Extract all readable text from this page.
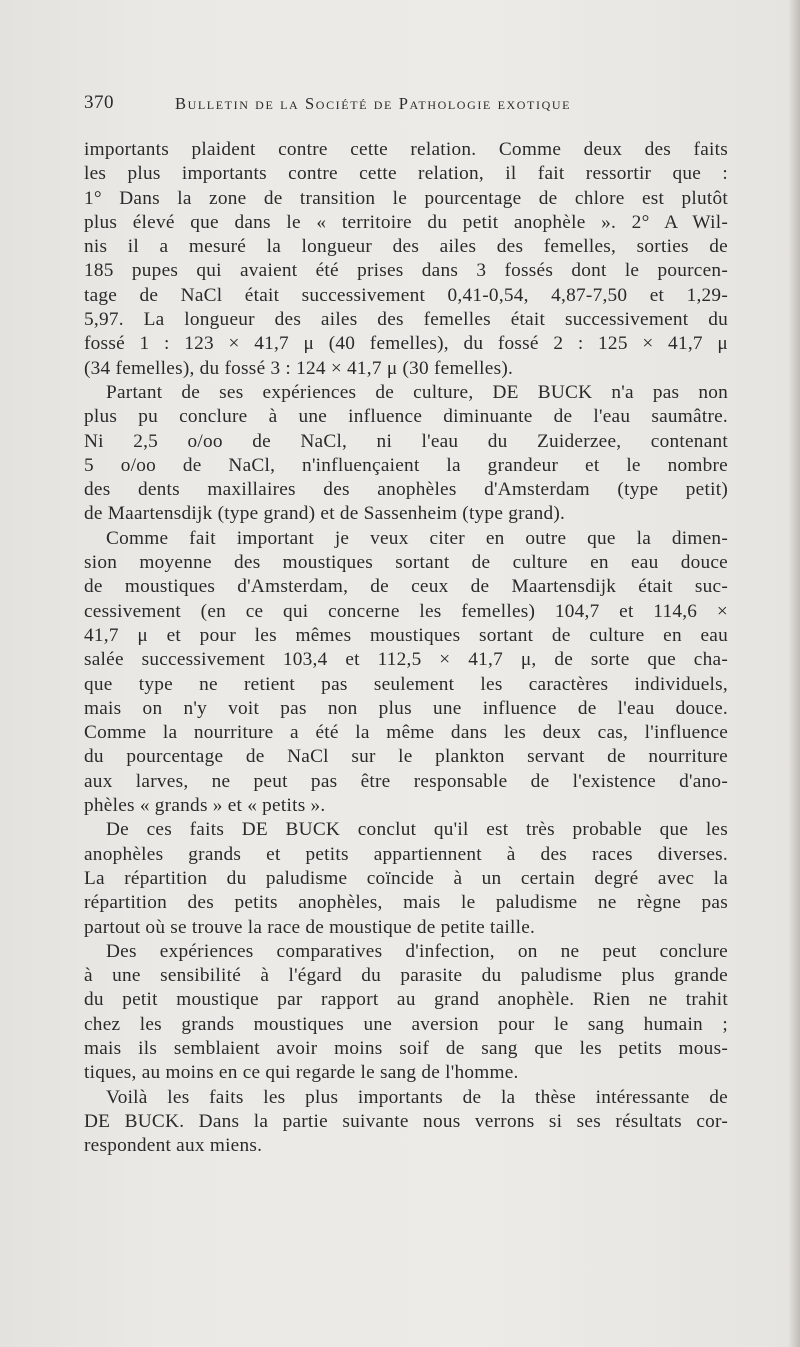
370	Bulletin de la Société de Pathologie exotique
importants plaident contre cette relation. Comme deux des faits
les plus importants contre cette relation, il fait ressortir que :
1° Dans la zone de transition le pourcentage de chlore est plutôt
plus élevé que dans le « territoire du petit anophèle ». 2° A Wil-
nis il a mesuré la longueur des ailes des femelles, sorties de
185 pupes qui avaient été prises dans 3 fossés dont le pourcen-
tage de NaCl était successivement 0,41-0,54, 4,87-7,50 et 1,29-
5,97. La longueur des ailes des femelles était successivement du
fossé 1 : 123 × 41,7 μ (40 femelles), du fossé 2 : 125 × 41,7 μ
(34 femelles), du fossé 3 : 124 × 41,7 μ (30 femelles).
Partant de ses expériences de culture, DE BUCK n'a pas non
plus pu conclure à une influence diminuante de l'eau saumâtre.
Ni 2,5 o/oo de NaCl, ni l'eau du Zuiderzee, contenant
5 o/oo de NaCl, n'influençaient la grandeur et le nombre
des dents maxillaires des anophèles d'Amsterdam (type petit)
de Maartensdijk (type grand) et de Sassenheim (type grand).
Comme fait important je veux citer en outre que la dimen-
sion moyenne des moustiques sortant de culture en eau douce
de moustiques d'Amsterdam, de ceux de Maartensdijk était suc-
cessivement (en ce qui concerne les femelles) 104,7 et 114,6 ×
41,7 μ et pour les mêmes moustiques sortant de culture en eau
salée successivement 103,4 et 112,5 × 41,7 μ, de sorte que cha-
que type ne retient pas seulement les caractères individuels,
mais on n'y voit pas non plus une influence de l'eau douce.
Comme la nourriture a été la même dans les deux cas, l'influence
du pourcentage de NaCl sur le plankton servant de nourriture
aux larves, ne peut pas être responsable de l'existence d'ano-
phèles « grands » et « petits ».
De ces faits DE BUCK conclut qu'il est très probable que les
anophèles grands et petits appartiennent à des races diverses.
La répartition du paludisme coïncide à un certain degré avec la
répartition des petits anophèles, mais le paludisme ne règne pas
partout où se trouve la race de moustique de petite taille.
Des expériences comparatives d'infection, on ne peut conclure
à une sensibilité à l'égard du parasite du paludisme plus grande
du petit moustique par rapport au grand anophèle. Rien ne trahit
chez les grands moustiques une aversion pour le sang humain ;
mais ils semblaient avoir moins soif de sang que les petits mous-
tiques, au moins en ce qui regarde le sang de l'homme.
Voilà les faits les plus importants de la thèse intéressante de
DE BUCK. Dans la partie suivante nous verrons si ses résultats cor-
respondent aux miens.
